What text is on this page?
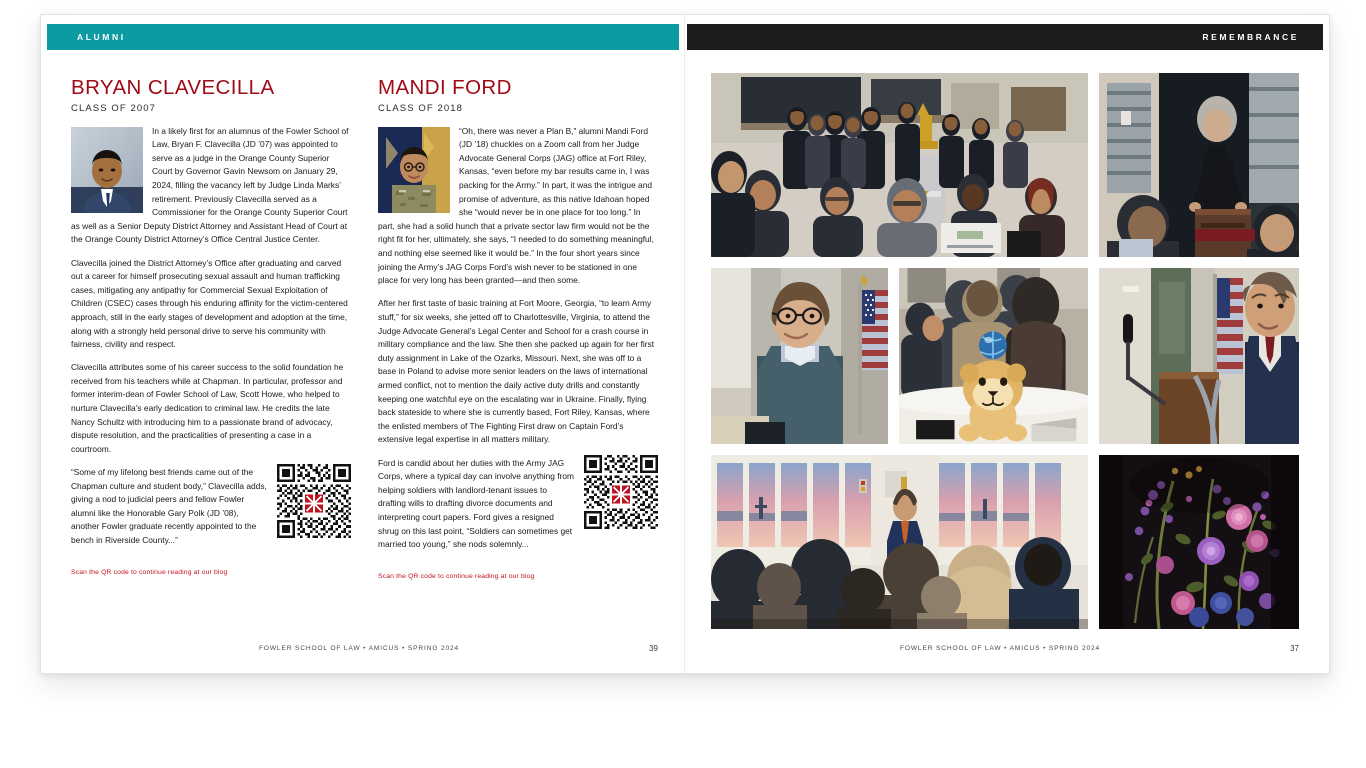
ALUMNI
BRYAN CLAVECILLA
CLASS OF 2007
In a likely first for an alumnus of the Fowler School of Law, Bryan F. Clavecilla (JD ’07) was appointed to serve as a judge in the Orange County Superior Court by Governor Gavin Newsom on January 29, 2024, filling the vacancy left by Judge Linda Marks’ retirement. Previously Clavecilla served as a Commissioner for the Orange County Superior Court as well as a Senior Deputy District Attorney and Assistant Head of Court at the Orange County District Attorney’s Office Central Justice Center.
Clavecilla joined the District Attorney’s Office after graduating and carved out a career for himself prosecuting sexual assault and human trafficking cases, mitigating any antipathy for Commercial Sexual Exploitation of Children (CSEC) cases through his enduring affinity for the victim-centered approach, still in the early stages of development and adoption at the time, along with a strongly held personal drive to serve his community with fairness, civility and respect.
Clavecilla attributes some of his career success to the solid foundation he received from his teachers while at Chapman. In particular, professor and former interim-dean of Fowler School of Law, Scott Howe, who helped to nurture Clavecilla’s early dedication to criminal law. He credits the late Nancy Schultz with introducing him to a passionate brand of advocacy, dispute resolution, and the practicalities of presenting a case in a courtroom.
“Some of my lifelong best friends came out of the Chapman culture and student body,” Clavecilla adds, giving a nod to judicial peers and fellow Fowler alumni like the Honorable Gary Polk (JD ’08), another Fowler graduate recently appointed to the bench in Riverside County...”
Scan the QR code to continue reading at our blog
MANDI FORD
CLASS OF 2018
“Oh, there was never a Plan B,” alumni Mandi Ford (JD ’18) chuckles on a Zoom call from her Judge Advocate General Corps (JAG) office at Fort Riley, Kansas, “even before my bar results came in, I was packing for the Army.” In part, it was the intrigue and promise of adventure, as this native Idahoan hoped she “would never be in one place for too long.” In part, she had a solid hunch that a private sector law firm would not be the right fit for her, ultimately, she says, “I needed to do something meaningful, and nothing else seemed like it would be.” In the four short years since joining the Army’s JAG Corps Ford’s wish never to be stationed in one place for very long has been granted—and then some.
After her first taste of basic training at Fort Moore, Georgia, “to learn Army stuff,” for six weeks, she jetted off to Charlottesville, Virginia, to attend the Judge Advocate General’s Legal Center and School for a crash course in military compliance and the law. She then she packed up again for her first duty assignment in Lake of the Ozarks, Missouri. Next, she was off to a base in Poland to advise more senior leaders on the laws of international armed conflict, not to mention the daily active duty drills and constantly keeping one watchful eye on the escalating war in Ukraine. Finally, flying back stateside to where she is currently based, Fort Riley, Kansas, where the enlisted members of The Fighting First draw on Captain Ford’s extensive legal expertise in all matters military.
Ford is candid about her duties with the Army JAG Corps, where a typical day can involve anything from helping soldiers with landlord-tenant issues to drafting wills to drafting divorce documents and interpreting court papers. Ford gives a resigned shrug on this last point, “Soldiers can sometimes get married too young,” she nods solemnly...
Scan the QR code to continue reading at our blog
FOWLER SCHOOL OF LAW • AMICUS • SPRING 2024	39
REMEMBRANCE
FOWLER SCHOOL OF LAW • AMICUS • SPRING 2024	37
